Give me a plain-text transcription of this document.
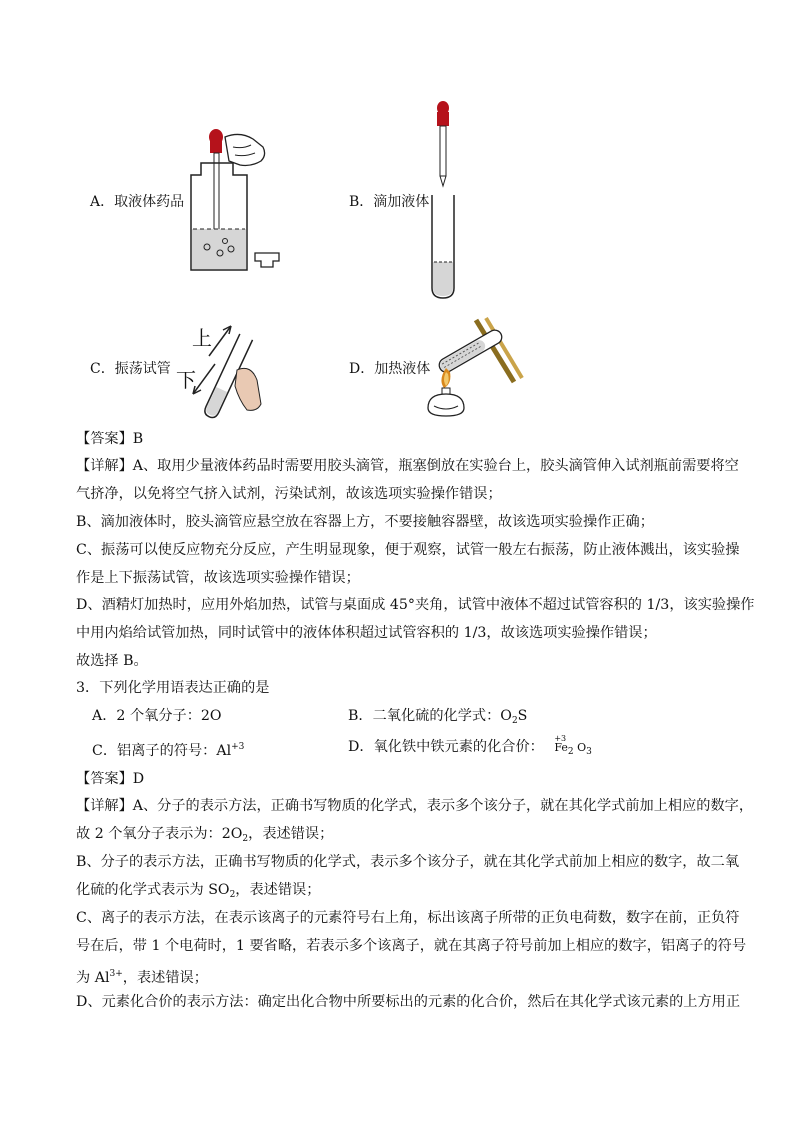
A．取液体药品	B．滴加液体
C．振荡试管
上
下	D．加热液体
【答案】B
【详解】A、取用少量液体药品时需要用胶头滴管，瓶塞倒放在实验台上，胶头滴管伸入试剂瓶前需要将空
气挤净，以免将空气挤入试剂，污染试剂，故该选项实验操作错误；
B、滴加液体时，胶头滴管应悬空放在容器上方，不要接触容器壁，故该选项实验操作正确；
C、振荡可以使反应物充分反应，产生明显现象，便于观察，试管一般左右振荡，防止液体溅出，该实验操
作是上下振荡试管，故该选项实验操作错误；
D、酒精灯加热时，应用外焰加热，试管与桌面成 45°夹角，试管中液体不超过试管容积的 1/3，该实验操作
中用内焰给试管加热，同时试管中的液体体积超过试管容积的 1/3，故该选项实验操作错误；
故选择 B。
3．下列化学用语表达正确的是
A．2 个氧分子：2O	B．二氧化硫的化学式：$O_2S$
C．铝离子的符号：$Al^{+3}$	D．氧化铁中铁元素的化合价：
+3
$Fe_2$ $O_3$
【答案】D
【详解】A、分子的表示方法，正确书写物质的化学式，表示多个该分子，就在其化学式前加上相应的数字，
故 2 个氧分子表示为：$2O_2$，表述错误；
B、分子的表示方法，正确书写物质的化学式，表示多个该分子，就在其化学式前加上相应的数字，故二氧
化硫的化学式表示为 $SO_2$，表述错误；
C、离子的表示方法，在表示该离子的元素符号右上角，标出该离子所带的正负电荷数，数字在前，正负符
号在后，带 1 个电荷时，1 要省略，若表示多个该离子，就在其离子符号前加上相应的数字，铝离子的符号
为 $Al^{3+}$，表述错误；
D、元素化合价的表示方法：确定出化合物中所要标出的元素的化合价，然后在其化学式该元素的上方用正
